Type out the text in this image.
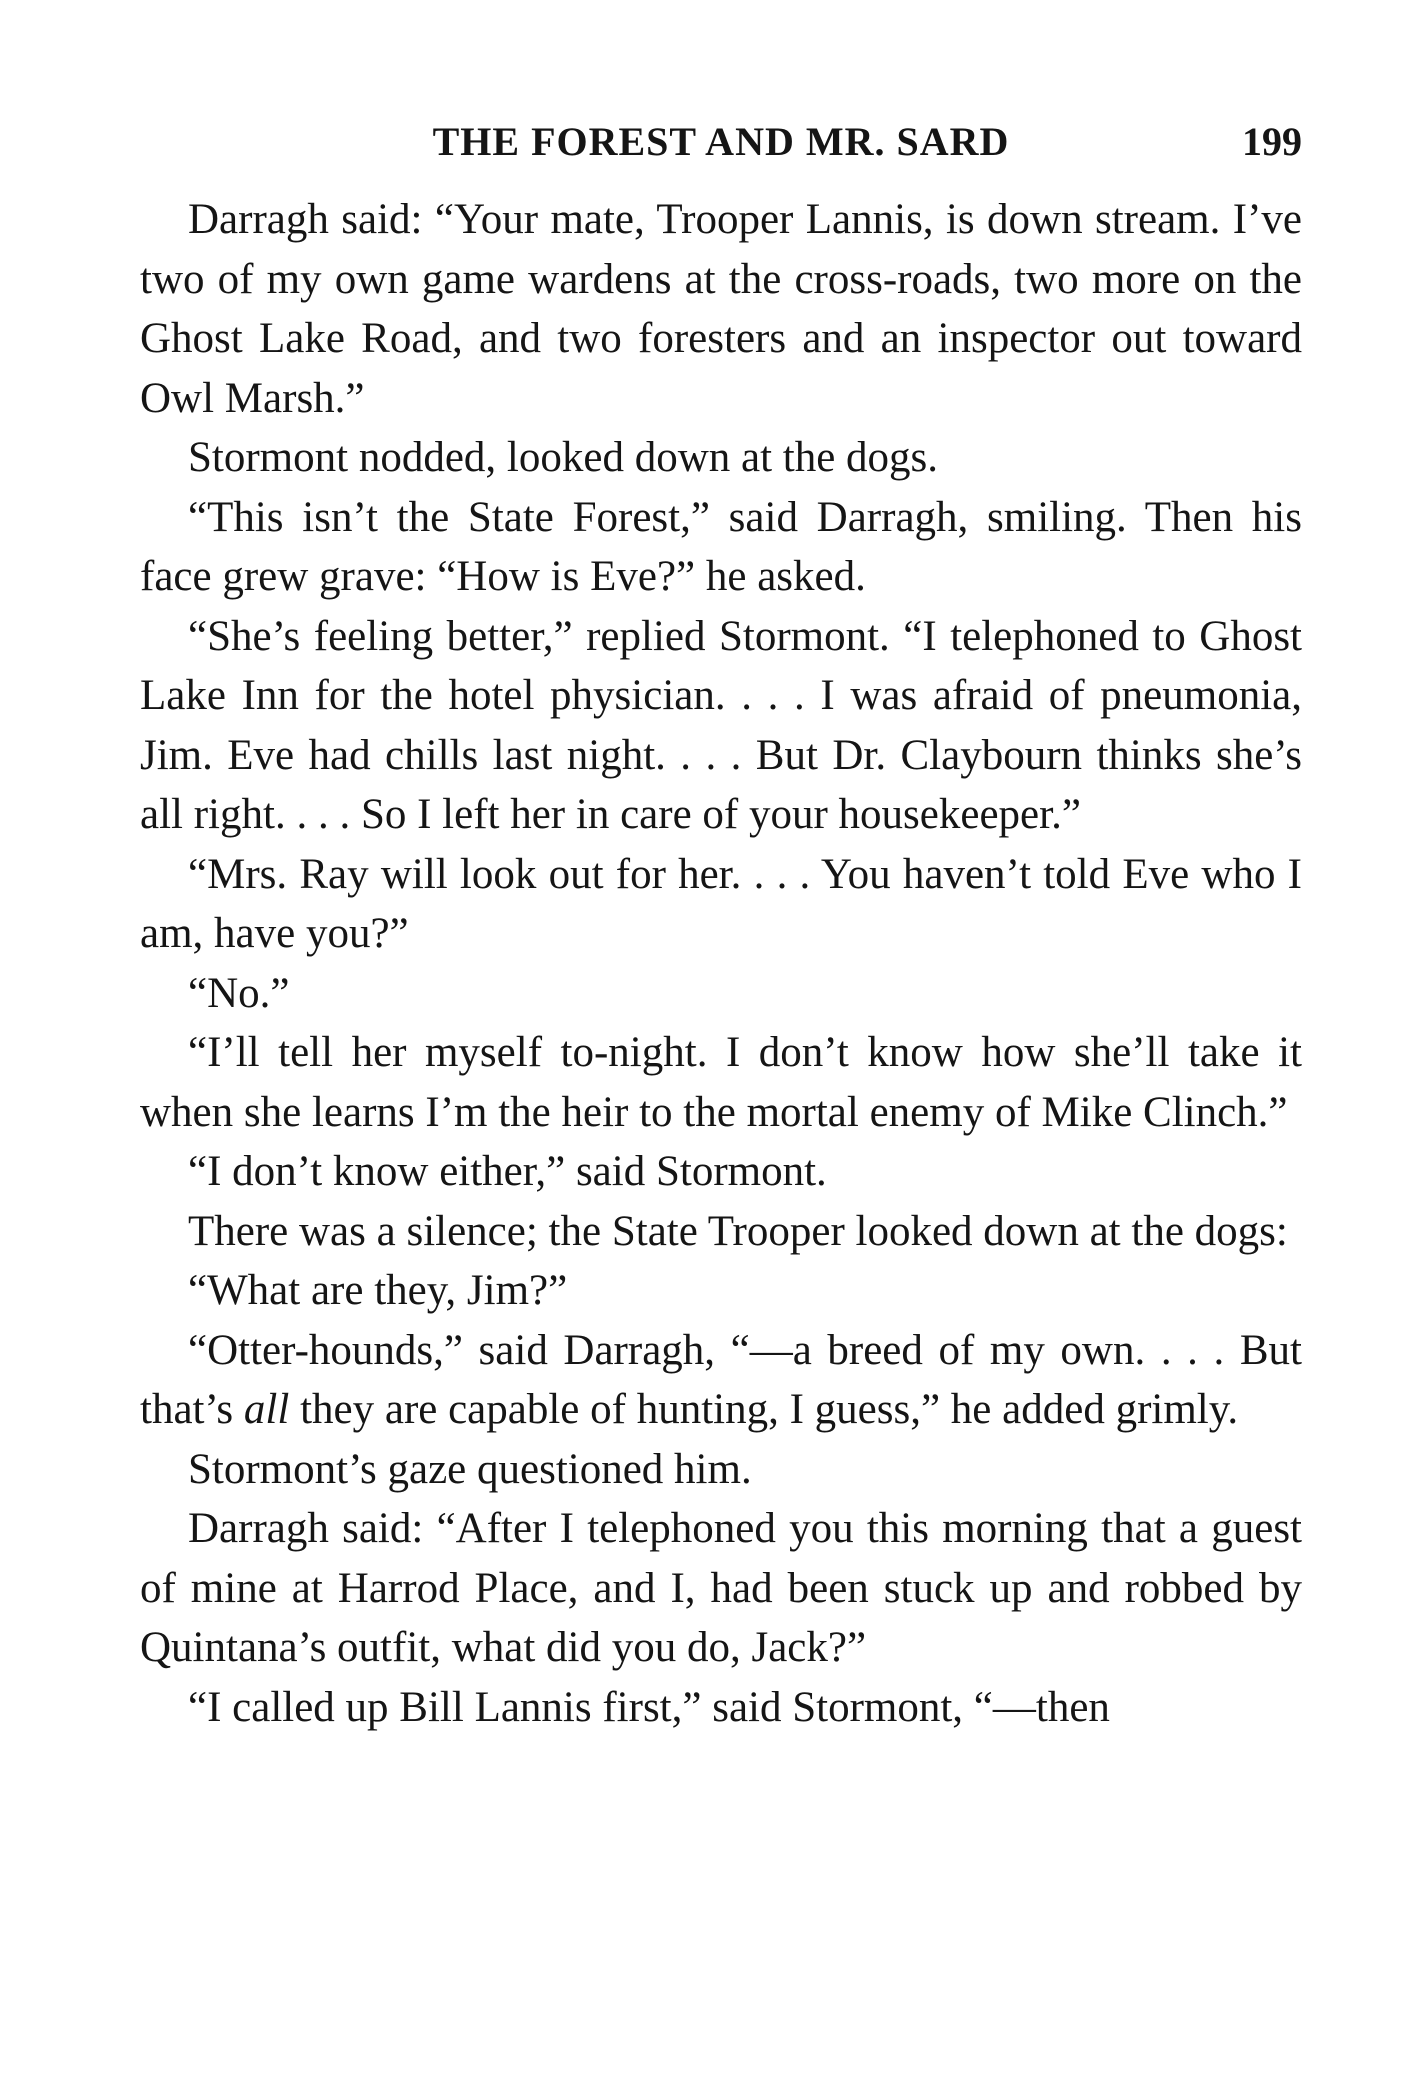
THE FOREST AND MR. SARD	199

Darragh said: “Your mate, Trooper Lannis, is down stream. I’ve two of my own game wardens at the cross-roads, two more on the Ghost Lake Road, and two foresters and an inspector out toward Owl Marsh.”

Stormont nodded, looked down at the dogs.

“This isn’t the State Forest,” said Darragh, smiling. Then his face grew grave: “How is Eve?” he asked.

“She’s feeling better,” replied Stormont. “I telephoned to Ghost Lake Inn for the hotel physician. . . . I was afraid of pneumonia, Jim. Eve had chills last night. . . . But Dr. Claybourn thinks she’s all right. . . . So I left her in care of your housekeeper.”

“Mrs. Ray will look out for her. . . . You haven’t told Eve who I am, have you?”

“No.”

“I’ll tell her myself to-night. I don’t know how she’ll take it when she learns I’m the heir to the mortal enemy of Mike Clinch.”

“I don’t know either,” said Stormont.

There was a silence; the State Trooper looked down at the dogs:

“What are they, Jim?”

“Otter-hounds,” said Darragh, “—a breed of my own. . . . But that’s all they are capable of hunting, I guess,” he added grimly.

Stormont’s gaze questioned him.

Darragh said: “After I telephoned you this morning that a guest of mine at Harrod Place, and I, had been stuck up and robbed by Quintana’s outfit, what did you do, Jack?”

“I called up Bill Lannis first,” said Stormont, “—then
